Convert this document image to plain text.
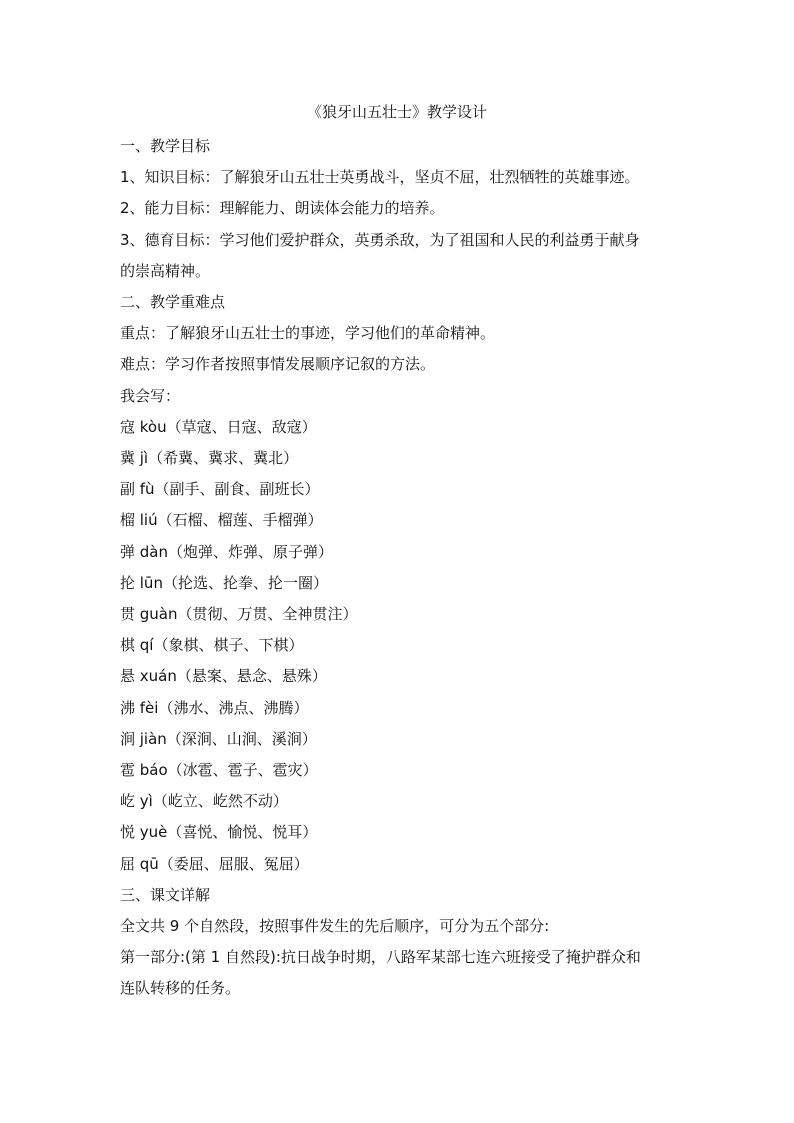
《狼牙山五壮士》教学设计

一、教学目标

1、知识目标：了解狼牙山五壮士英勇战斗，坚贞不屈，壮烈牺牲的英雄事迹。

2、能力目标：理解能力、朗读体会能力的培养。

3、德育目标：学习他们爱护群众，英勇杀敌，为了祖国和人民的利益勇于献身

的崇高精神。

二、教学重难点

重点：了解狼牙山五壮士的事迹，学习他们的革命精神。

难点：学习作者按照事情发展顺序记叙的方法。

我会写：

寇 kòu（草寇、日寇、敌寇）

冀 jì（希冀、冀求、冀北）

副 fù（副手、副食、副班长）

榴 liú（石榴、榴莲、手榴弹）

弹 dàn（炮弹、炸弹、原子弹）

抡 lūn（抡选、抡拳、抡一圈）

贯 guàn（贯彻、万贯、全神贯注）

棋 qí（象棋、棋子、下棋）

悬 xuán（悬案、悬念、悬殊）

沸 fèi（沸水、沸点、沸腾）

涧 jiàn（深涧、山涧、溪涧）

雹 báo（冰雹、雹子、雹灾）

屹 yì（屹立、屹然不动）

悦 yuè（喜悦、愉悦、悦耳）

屈 qū（委屈、屈服、冤屈）

三、课文详解

全文共 9 个自然段，按照事件发生的先后顺序，可分为五个部分:

第一部分:(第 1 自然段):抗日战争时期，八路军某部七连六班接受了掩护群众和

连队转移的任务。
